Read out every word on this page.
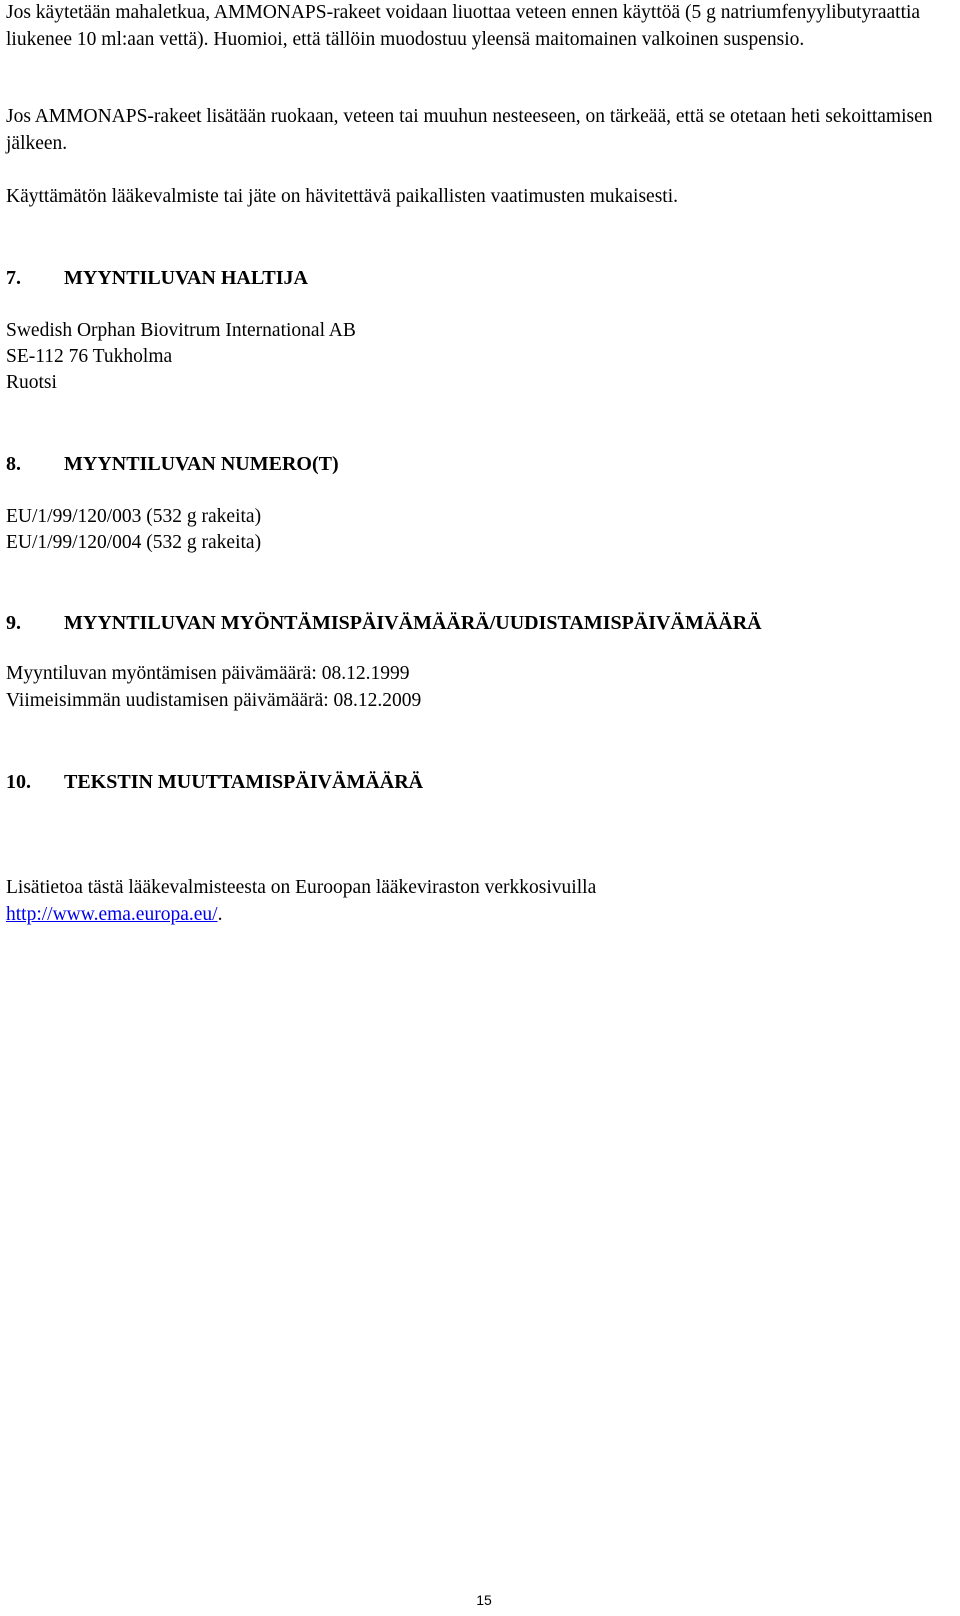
Jos käytetään mahaletkua, AMMONAPS-rakeet voidaan liuottaa veteen ennen käyttöä (5 g natriumfenyylibutyraattia liukenee 10 ml:aan vettä). Huomioi, että tällöin muodostuu yleensä maitomainen valkoinen suspensio.

Jos AMMONAPS-rakeet lisätään ruokaan, veteen tai muuhun nesteeseen, on tärkeää, että se otetaan heti sekoittamisen jälkeen.

Käyttämätön lääkevalmiste tai jäte on hävitettävä paikallisten vaatimusten mukaisesti.

7. MYYNTILUVAN HALTIJA

Swedish Orphan Biovitrum International AB

SE-112 76 Tukholma

Ruotsi

8. MYYNTILUVAN NUMERO(T)

EU/1/99/120/003 (532 g rakeita)

EU/1/99/120/004 (532 g rakeita)

9. MYYNTILUVAN MYÖNTÄMISPÄIVÄMÄÄRÄ/UUDISTAMISPÄIVÄMÄÄRÄ

Myyntiluvan myöntämisen päivämäärä: 08.12.1999

Viimeisimmän uudistamisen päivämäärä: 08.12.2009

10. TEKSTIN MUUTTAMISPÄIVÄMÄÄRÄ

Lisätietoa tästä lääkevalmisteesta on Euroopan lääkeviraston verkkosivuilla
http://www.ema.europa.eu/.

15
